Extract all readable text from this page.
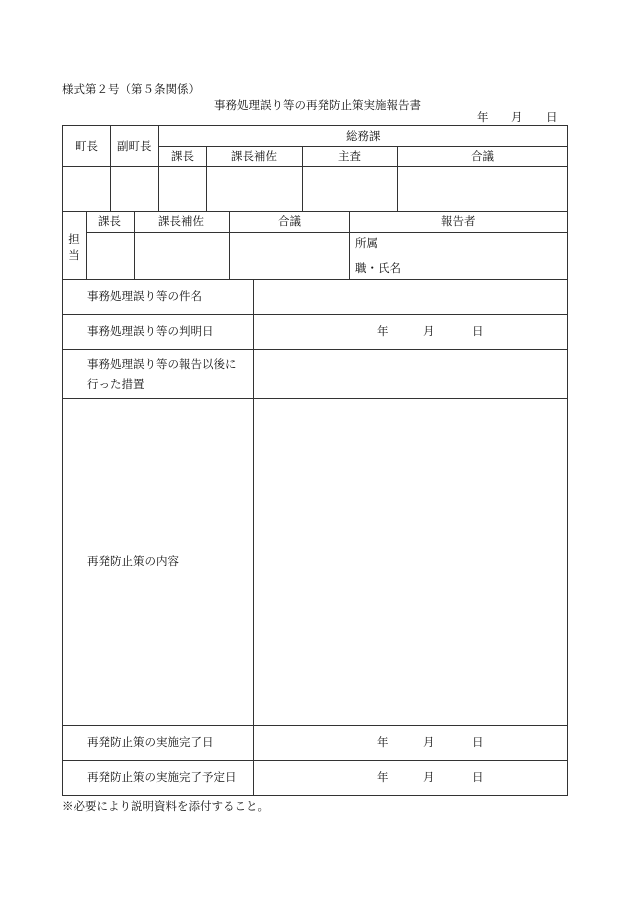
様式第２号（第５条関係）
事務処理誤り等の再発防止策実施報告書
年 月 日
町長 副町長
総務課
課長	課長補佐	主査	合議
担当
課長	課長補佐	合議	報告者
所属
職・氏名
事務処理誤り等の件名
事務処理誤り等の判明日	年	月	日
事務処理誤り等の報告以後に
行った措置
再発防止策の内容
再発防止策の実施完了日	年	月	日
再発防止策の実施完了予定日	年	月	日
※必要により説明資料を添付すること。
